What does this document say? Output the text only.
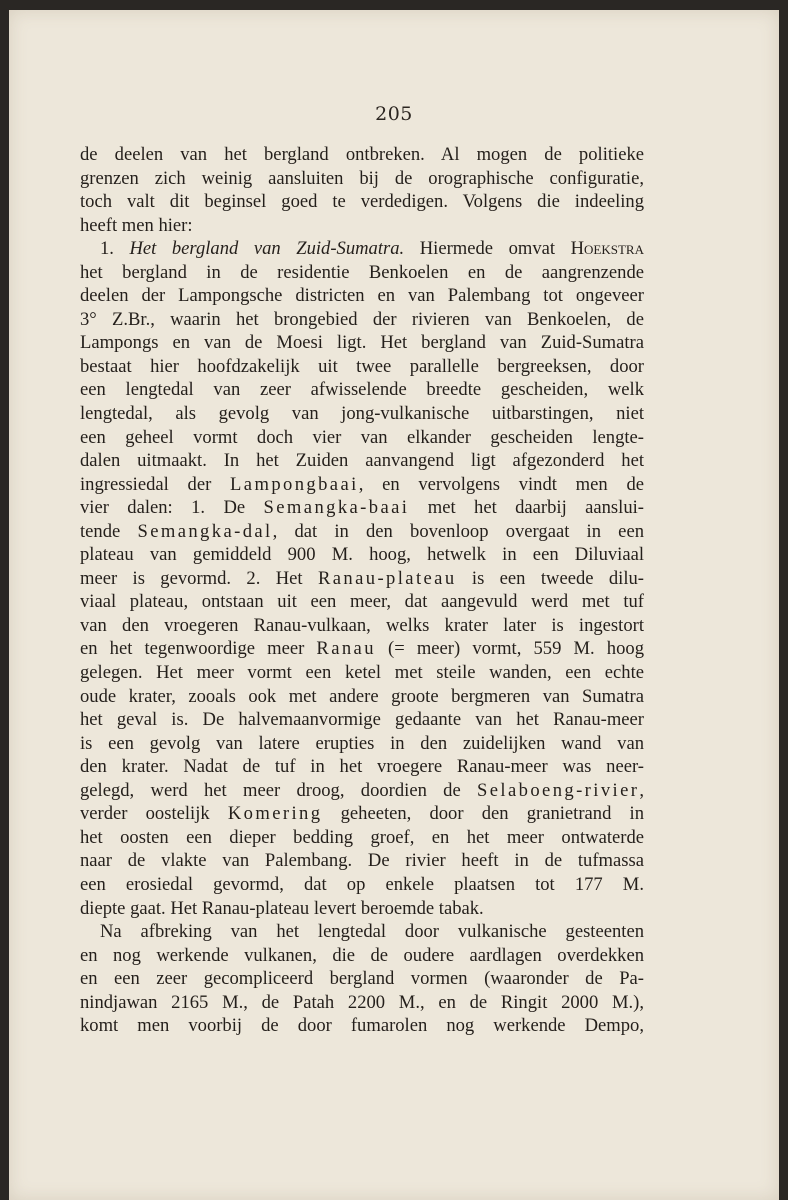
205
de deelen van het bergland ontbreken. Al mogen de politieke
grenzen zich weinig aansluiten bij de orographische configuratie,
toch valt dit beginsel goed te verdedigen. Volgens die indeeling
heeft men hier:
1. Het bergland van Zuid-Sumatra. Hiermede omvat Hoekstra
het bergland in de residentie Benkoelen en de aangrenzende
deelen der Lampongsche districten en van Palembang tot ongeveer
3° Z.Br., waarin het brongebied der rivieren van Benkoelen, de
Lampongs en van de Moesi ligt. Het bergland van Zuid-Sumatra
bestaat hier hoofdzakelijk uit twee parallelle bergreeksen, door
een lengtedal van zeer afwisselende breedte gescheiden, welk
lengtedal, als gevolg van jong-vulkanische uitbarstingen, niet
een geheel vormt doch vier van elkander gescheiden lengte-
dalen uitmaakt. In het Zuiden aanvangend ligt afgezonderd het
ingressiedal der Lampongbaai, en vervolgens vindt men de
vier dalen: 1. De Semangka-baai met het daarbij aanslui-
tende Semangka-dal, dat in den bovenloop overgaat in een
plateau van gemiddeld 900 M. hoog, hetwelk in een Diluviaal
meer is gevormd. 2. Het Ranau-plateau is een tweede dilu-
viaal plateau, ontstaan uit een meer, dat aangevuld werd met tuf
van den vroegeren Ranau-vulkaan, welks krater later is ingestort
en het tegenwoordige meer Ranau (= meer) vormt, 559 M. hoog
gelegen. Het meer vormt een ketel met steile wanden, een echte
oude krater, zooals ook met andere groote bergmeren van Sumatra
het geval is. De halvemaanvormige gedaante van het Ranau-meer
is een gevolg van latere erupties in den zuidelijken wand van
den krater. Nadat de tuf in het vroegere Ranau-meer was neer-
gelegd, werd het meer droog, doordien de Selaboeng-rivier,
verder oostelijk Komering geheeten, door den granietrand in
het oosten een dieper bedding groef, en het meer ontwaterde
naar de vlakte van Palembang. De rivier heeft in de tufmassa
een erosiedal gevormd, dat op enkele plaatsen tot 177 M.
diepte gaat. Het Ranau-plateau levert beroemde tabak.
Na afbreking van het lengtedal door vulkanische gesteenten
en nog werkende vulkanen, die de oudere aardlagen overdekken
en een zeer gecompliceerd bergland vormen (waaronder de Pa-
nindjawan 2165 M., de Patah 2200 M., en de Ringit 2000 M.),
komt men voorbij de door fumarolen nog werkende Dempo,
